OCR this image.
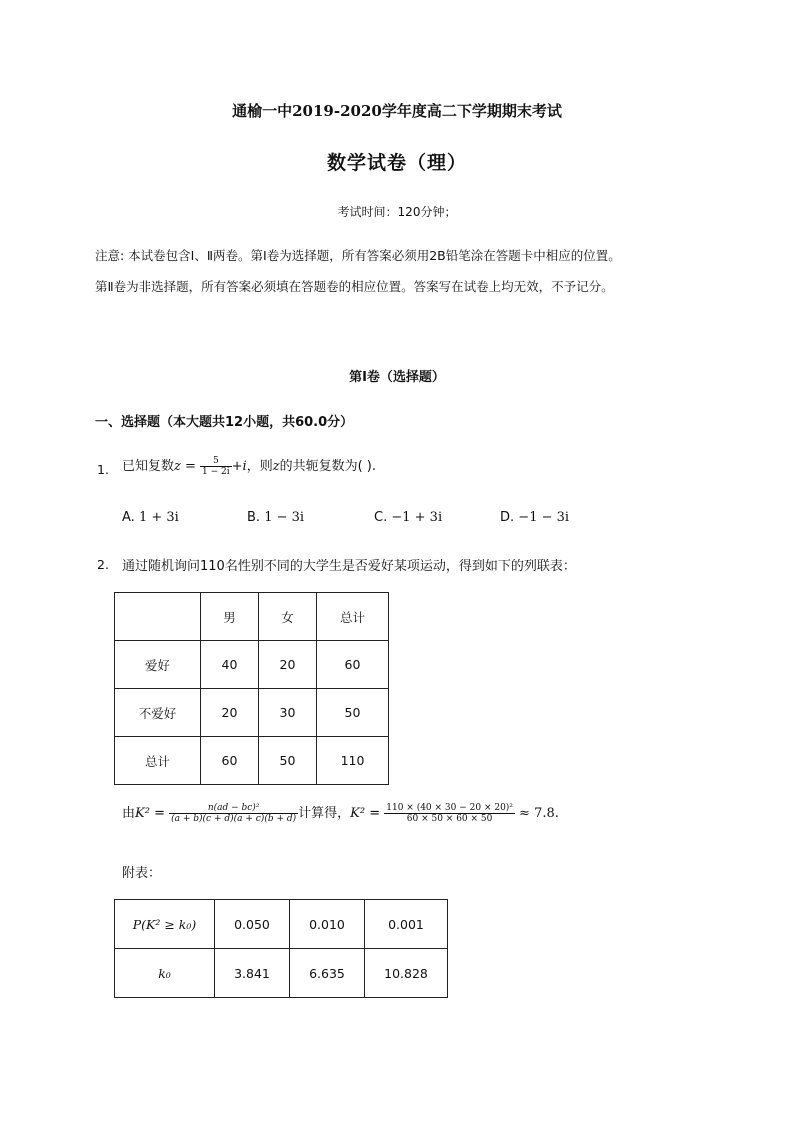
通榆一中2019-2020学年度高二下学期期末考试
数学试卷（理）
考试时间：120分钟；
注意: 本试卷包含Ⅰ、Ⅱ两卷。第Ⅰ卷为选择题，所有答案必须用2B铅笔涂在答题卡中相应的位置。
第Ⅱ卷为非选择题，所有答案必须填在答题卷的相应位置。答案写在试卷上均无效，不予记分。
第Ⅰ卷（选择题）
一、选择题（本大题共12小题，共60.0分）
1. 已知复数$z = \frac{5}{1 - 2i} +i$，则z的共轭复数为( ).
A. 1 + 3i	B. 1 − 3i	C. −1 + 3i	D. −1 − 3i
2. 通过随机询问110名性别不同的大学生是否爱好某项运动，得到如下的列联表：
	男	女	总计
爱好	40	20	60
不爱好	20	30	50
总计	60	50	110
由$K^2 = \frac{\text{n(ad − bc)²}}{(a + b)(c + d)(a + c)(b + d)}$ 计算得，$K^2 = \frac{\text{110 × (40 × 30 − 20 × 20)²}}{60 \times 50 \times 60 \times 50} \approx 7.8$.
附表：
P(K² ≥ k₀)	0.050	0.010	0.001
k₀	3.841	6.635	10.828
